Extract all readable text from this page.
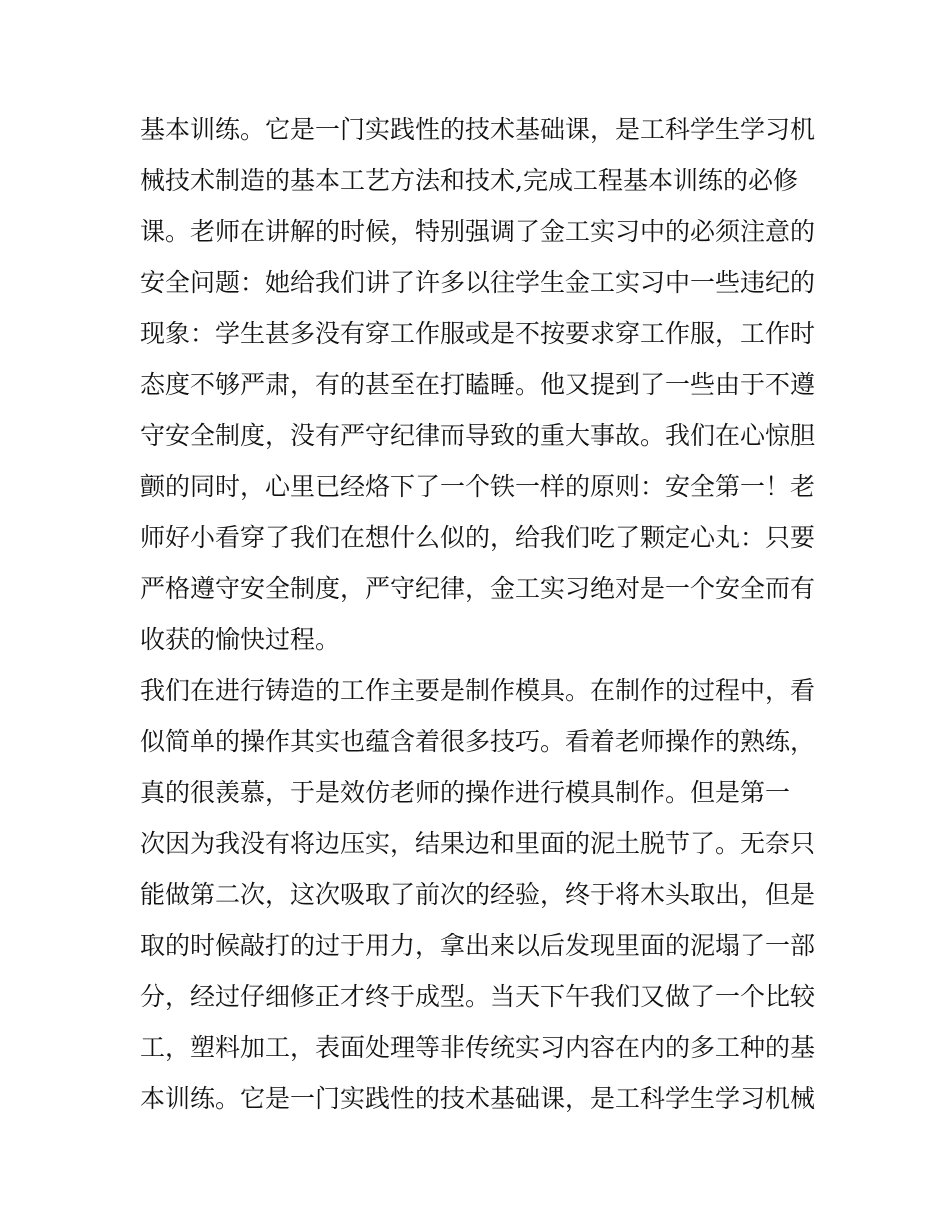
基本训练。它是一门实践性的技术基础课，是工科学生学习机
械技术制造的基本工艺方法和技术,完成工程基本训练的必修
课。老师在讲解的时候，特别强调了金工实习中的必须注意的
安全问题：她给我们讲了许多以往学生金工实习中一些违纪的
现象：学生甚多没有穿工作服或是不按要求穿工作服，工作时
态度不够严肃，有的甚至在打瞌睡。他又提到了一些由于不遵
守安全制度，没有严守纪律而导致的重大事故。我们在心惊胆
颤的同时，心里已经烙下了一个铁一样的原则：安全第一！老
师好小看穿了我们在想什么似的，给我们吃了颗定心丸：只要
严格遵守安全制度，严守纪律，金工实习绝对是一个安全而有
收获的愉快过程。
我们在进行铸造的工作主要是制作模具。在制作的过程中，看
似简单的操作其实也蕴含着很多技巧。看着老师操作的熟练，
真的很羡慕，于是效仿老师的操作进行模具制作。但是第一
次因为我没有将边压实，结果边和里面的泥土脱节了。无奈只
能做第二次，这次吸取了前次的经验，终于将木头取出，但是
取的时候敲打的过于用力，拿出来以后发现里面的泥塌了一部
分，经过仔细修正才终于成型。当天下午我们又做了一个比较
工，塑料加工，表面处理等非传统实习内容在内的多工种的基
本训练。它是一门实践性的技术基础课，是工科学生学习机械
